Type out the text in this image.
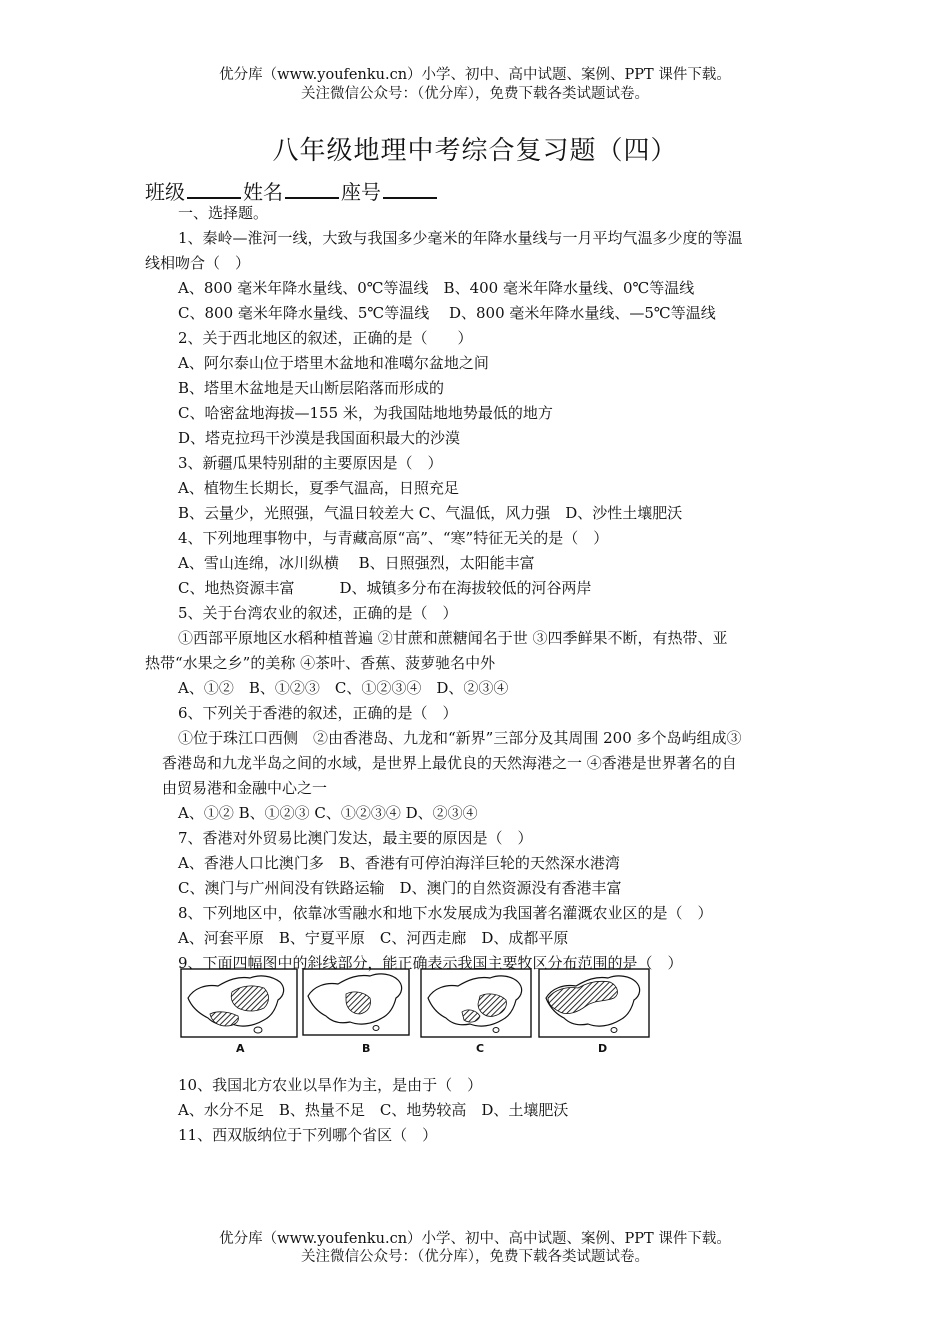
优分库（www.youfenku.cn）小学、初中、高中试题、案例、PPT 课件下载。
关注微信公众号：（优分库），免费下载各类试题试卷。
八年级地理中考综合复习题（四）
班级	姓名	座号
一、选择题。
1、秦岭—淮河一线，大致与我国多少毫米的年降水量线与一月平均气温多少度的等温
线相吻合（　）
A、800 毫米年降水量线、0℃等温线　B、400 毫米年降水量线、0℃等温线
C、800 毫米年降水量线、5℃等温线　 D、800 毫米年降水量线、—5℃等温线
2、关于西北地区的叙述，正确的是（　　）
A、阿尔泰山位于塔里木盆地和准噶尔盆地之间
B、塔里木盆地是天山断层陷落而形成的
C、哈密盆地海拔—155 米，为我国陆地地势最低的地方
D、塔克拉玛干沙漠是我国面积最大的沙漠
3、新疆瓜果特别甜的主要原因是（　）
A、植物生长期长，夏季气温高，日照充足
B、云量少，光照强，气温日较差大 C、气温低，风力强　D、沙性土壤肥沃
4、下列地理事物中，与青藏高原“高”、“寒”特征无关的是（　）
A、雪山连绵，冰川纵横　 B、日照强烈，太阳能丰富
C、地热资源丰富　　　D、城镇多分布在海拔较低的河谷两岸
5、关于台湾农业的叙述，正确的是（　）
①西部平原地区水稻种植普遍 ②甘蔗和蔗糖闻名于世 ③四季鲜果不断，有热带、亚
热带“水果之乡”的美称 ④茶叶、香蕉、菠萝驰名中外
A、①②　B、①②③　C、①②③④　D、②③④
6、下列关于香港的叙述，正确的是（　）
①位于珠江口西侧　②由香港岛、九龙和“新界”三部分及其周围 200 多个岛屿组成③
香港岛和九龙半岛之间的水域，是世界上最优良的天然海港之一 ④香港是世界著名的自
由贸易港和金融中心之一
A、①② B、①②③ C、①②③④ D、②③④
7、香港对外贸易比澳门发达，最主要的原因是（　）
A、香港人口比澳门多　B、香港有可停泊海洋巨轮的天然深水港湾
C、澳门与广州间没有铁路运输　D、澳门的自然资源没有香港丰富
8、下列地区中，依靠冰雪融水和地下水发展成为我国著名灌溉农业区的是（　）
A、河套平原　B、宁夏平原　C、河西走廊　D、成都平原
9、下面四幅图中的斜线部分，能正确表示我国主要牧区分布范围的是（　）
A	B	C	D
10、我国北方农业以旱作为主，是由于（　）
A、水分不足　B、热量不足　C、地势较高　D、土壤肥沃
11、西双版纳位于下列哪个省区（　）
优分库（www.youfenku.cn）小学、初中、高中试题、案例、PPT 课件下载。
关注微信公众号：（优分库），免费下载各类试题试卷。
